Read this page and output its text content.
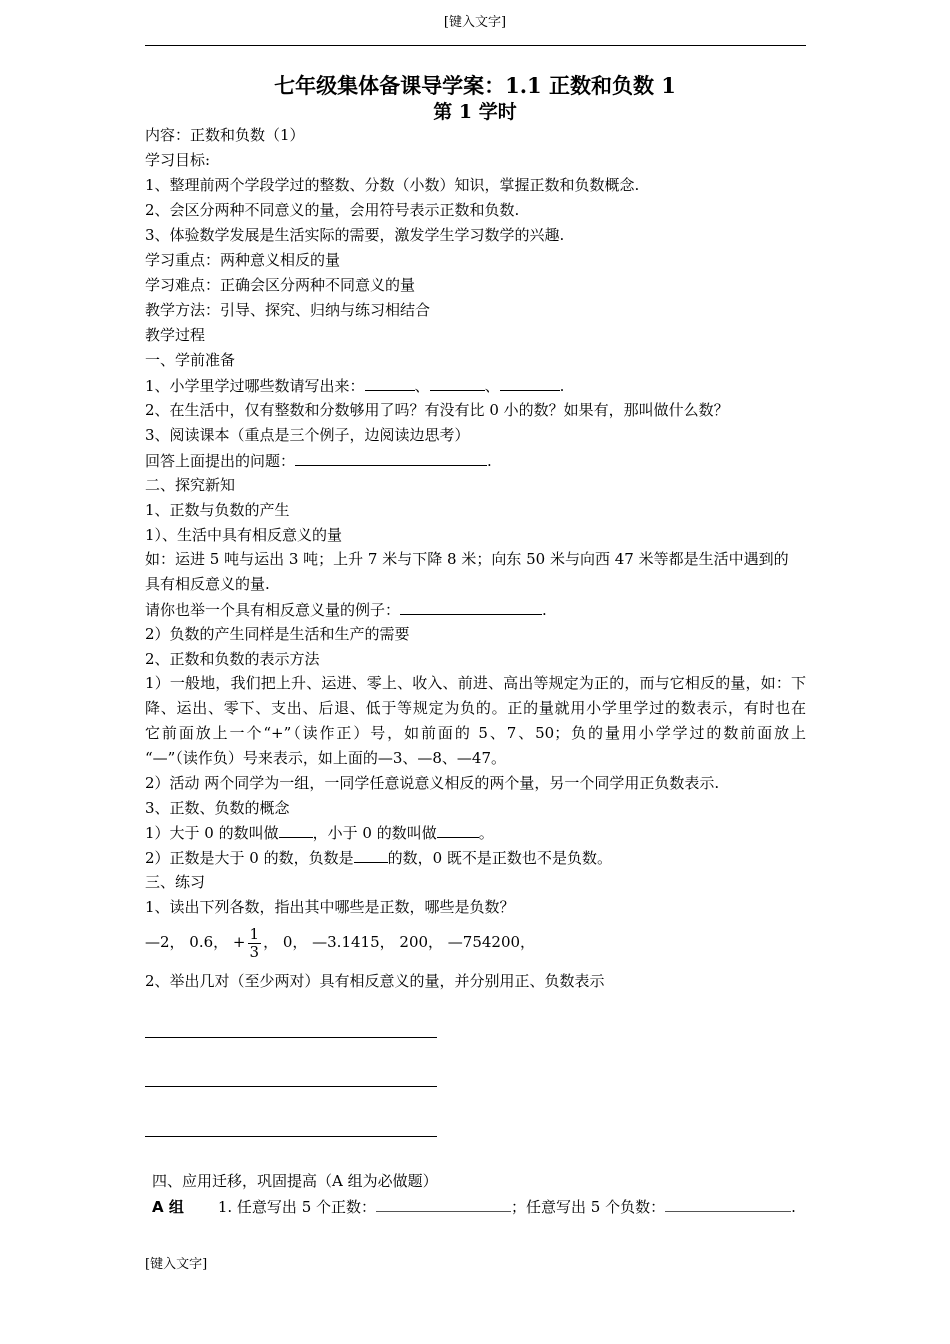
[键入文字]
七年级集体备课导学案：1.1 正数和负数 1
第 1 学时
内容：正数和负数（1）
学习目标:
1、整理前两个学段学过的整数、分数（小数）知识，掌握正数和负数概念.
2、会区分两种不同意义的量，会用符号表示正数和负数.
3、体验数学发展是生活实际的需要，激发学生学习数学的兴趣.
学习重点：两种意义相反的量
学习难点：正确会区分两种不同意义的量
教学方法：引导、探究、归纳与练习相结合
教学过程
一、学前准备
1、小学里学过哪些数请写出来：	、	、	.
2、在生活中，仅有整数和分数够用了吗？有没有比 0 小的数？如果有，那叫做什么数？
3、阅读课本（重点是三个例子，边阅读边思考）
回答上面提出的问题：	.
二、探究新知
1、正数与负数的产生
1）、生活中具有相反意义的量
如：运进 5 吨与运出 3 吨；上升 7 米与下降 8 米；向东 50 米与向西 47 米等都是生活中遇到的
具有相反意义的量.
请你也举一个具有相反意义量的例子：	.
2）负数的产生同样是生活和生产的需要
2、正数和负数的表示方法
1）一般地，我们把上升、运进、零上、收入、前进、高出等规定为正的，而与它相反的量，如：下
降、运出、零下、支出、后退、低于等规定为负的。正的量就用小学里学过的数表示，有时也在
它前面放上一个“+”（读作正）号，如前面的 5、7、50；负的量用小学学过的数前面放上
“—”（读作负）号来表示，如上面的—3、—8、—47。
2）活动 两个同学为一组，一同学任意说意义相反的两个量，另一个同学用正负数表示.
3、正数、负数的概念
1）大于 0 的数叫做 ，小于 0 的数叫做	。
2）正数是大于 0 的数，负数是 的数，0 既不是正数也不是负数。
三、练习
1、读出下列各数，指出其中哪些是正数，哪些是负数？
—2， 0.6， + $\frac{1}{3}$ ， 0， —3.1415， 200， —754200，
2、举出几对（至少两对）具有相反意义的量，并分别用正、负数表示
四、应用迁移，巩固提高（A 组为必做题）
A 组 1. 任意写出 5 个正数：	；任意写出 5 个负数：	.
[键入文字]
